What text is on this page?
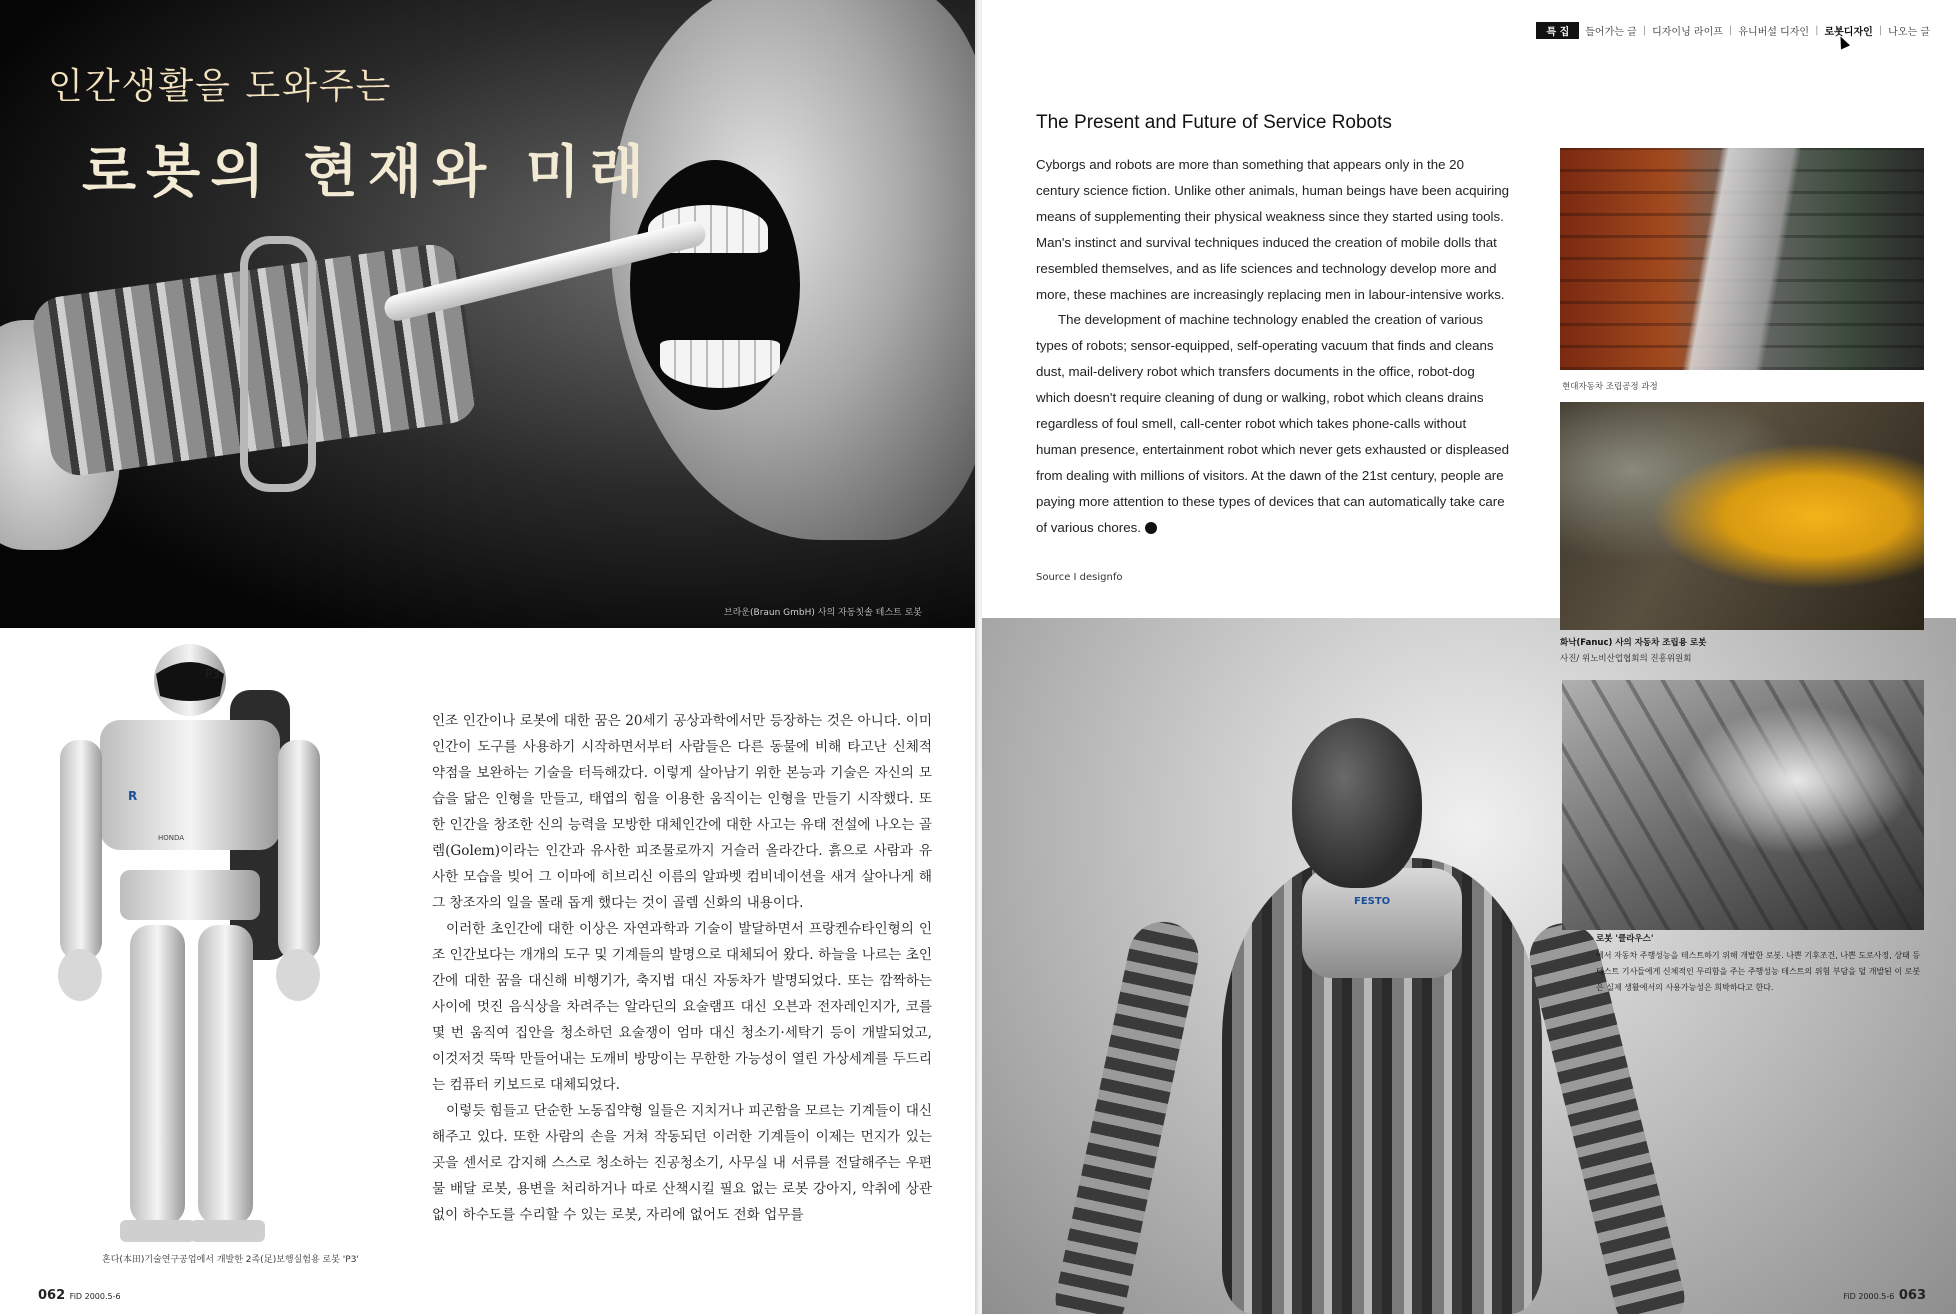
인간생활을 도와주는
로봇의 현재와 미래
브라운(Braun GmbH) 사의 자동칫솔 테스트 로봇
P3
R
HONDA

인조 인간이나 로봇에 대한 꿈은 20세기 공상과학에서만 등장하는 것은 아니다. 이미 인간이 도구를 사용하기 시작하면서부터 사람들은 다른 동물에 비해 타고난 신체적 약점을 보완하는 기술을 터득해갔다. 이렇게 살아남기 위한 본능과 기술은 자신의 모습을 닮은 인형을 만들고, 태엽의 힘을 이용한 움직이는 인형을 만들기 시작했다. 또한 인간을 창조한 신의 능력을 모방한 대체인간에 대한 사고는 유태 전설에 나오는 골렘(Golem)이라는 인간과 유사한 피조물로까지 거슬러 올라간다. 흙으로 사람과 유사한 모습을 빚어 그 이마에 히브리신 이름의 알파벳 컴비네이션을 새겨 살아나게 해 그 창조자의 일을 몰래 돕게 했다는 것이 골렘 신화의 내용이다.

이러한 초인간에 대한 이상은 자연과학과 기술이 발달하면서 프랑켄슈타인형의 인조 인간보다는 개개의 도구 및 기계들의 발명으로 대체되어 왔다. 하늘을 나르는 초인간에 대한 꿈을 대신해 비행기가, 축지법 대신 자동차가 발명되었다. 또는 깜짝하는 사이에 멋진 음식상을 차려주는 알라딘의 요술램프 대신 오븐과 전자레인지가, 코를 몇 번 움직여 집안을 청소하던 요술쟁이 엄마 대신 청소기·세탁기 등이 개발되었고, 이것저것 뚝딱 만들어내는 도깨비 방망이는 무한한 가능성이 열린 가상세계를 두드리는 컴퓨터 키보드로 대체되었다.

이렇듯 힘들고 단순한 노동집약형 일들은 지치거나 피곤함을 모르는 기계들이 대신해주고 있다. 또한 사람의 손을 거쳐 작동되던 이러한 기계들이 이제는 먼지가 있는 곳을 센서로 감지해 스스로 청소하는 진공청소기, 사무실 내 서류를 전달해주는 우편물 배달 로봇, 용변을 처리하거나 따로 산책시킬 필요 없는 로봇 강아지, 악취에 상관없이 하수도를 수리할 수 있는 로봇, 자리에 없어도 전화 업무를

혼다(本田)기술연구공업에서 개발한 2족(足)보행실험용 로봇 'P3'
062 FiD 2000.5-6
특 집	들어가는 글 | 디자이닝 라이프 | 유니버설 디자인 | 로봇디자인 | 나오는 글
The Present and Future of Service Robots

Cyborgs and robots are more than something that appears only in the 20 century science fiction. Unlike other animals, human beings have been acquiring means of supplementing their physical weakness since they started using tools. Man's instinct and survival techniques induced the creation of mobile dolls that resembled themselves, and as life sciences and technology develop more and more, these machines are increasingly replacing men in labour-intensive works.

The development of machine technology enabled the creation of various types of robots; sensor-equipped, self-operating vacuum that finds and cleans dust, mail-delivery robot which transfers documents in the office, robot-dog which doesn't require cleaning of dung or walking, robot which cleans drains regardless of foul smell, call-center robot which takes phone-calls without human presence, entertainment robot which never gets exhausted or displeased from dealing with millions of visitors. At the dawn of the 21st century, people are paying more attention to these types of devices that can automatically take care of various chores.	f

Source I designfo
현대자동차 조립공정 과정
FESTO
화낙(Fanuc) 사의 자동차 조립용 로봇
사진/ 위노비산업협회의 진흥위원회
로봇 '클라우스'
에서 자동차 주행성능을 테스트하기 위해 개발한 로봇. 나쁜 기후조건, 나쁜 도로사정, 상태 등 테스트 기사들에게 신체적인 무리함을 주는 주행성능 테스트의 위험 부담을 덜 개발된 이 로봇은 실제 생활에서의 사용가능성은 희박하다고 한다.
FiD 2000.5-6 063
